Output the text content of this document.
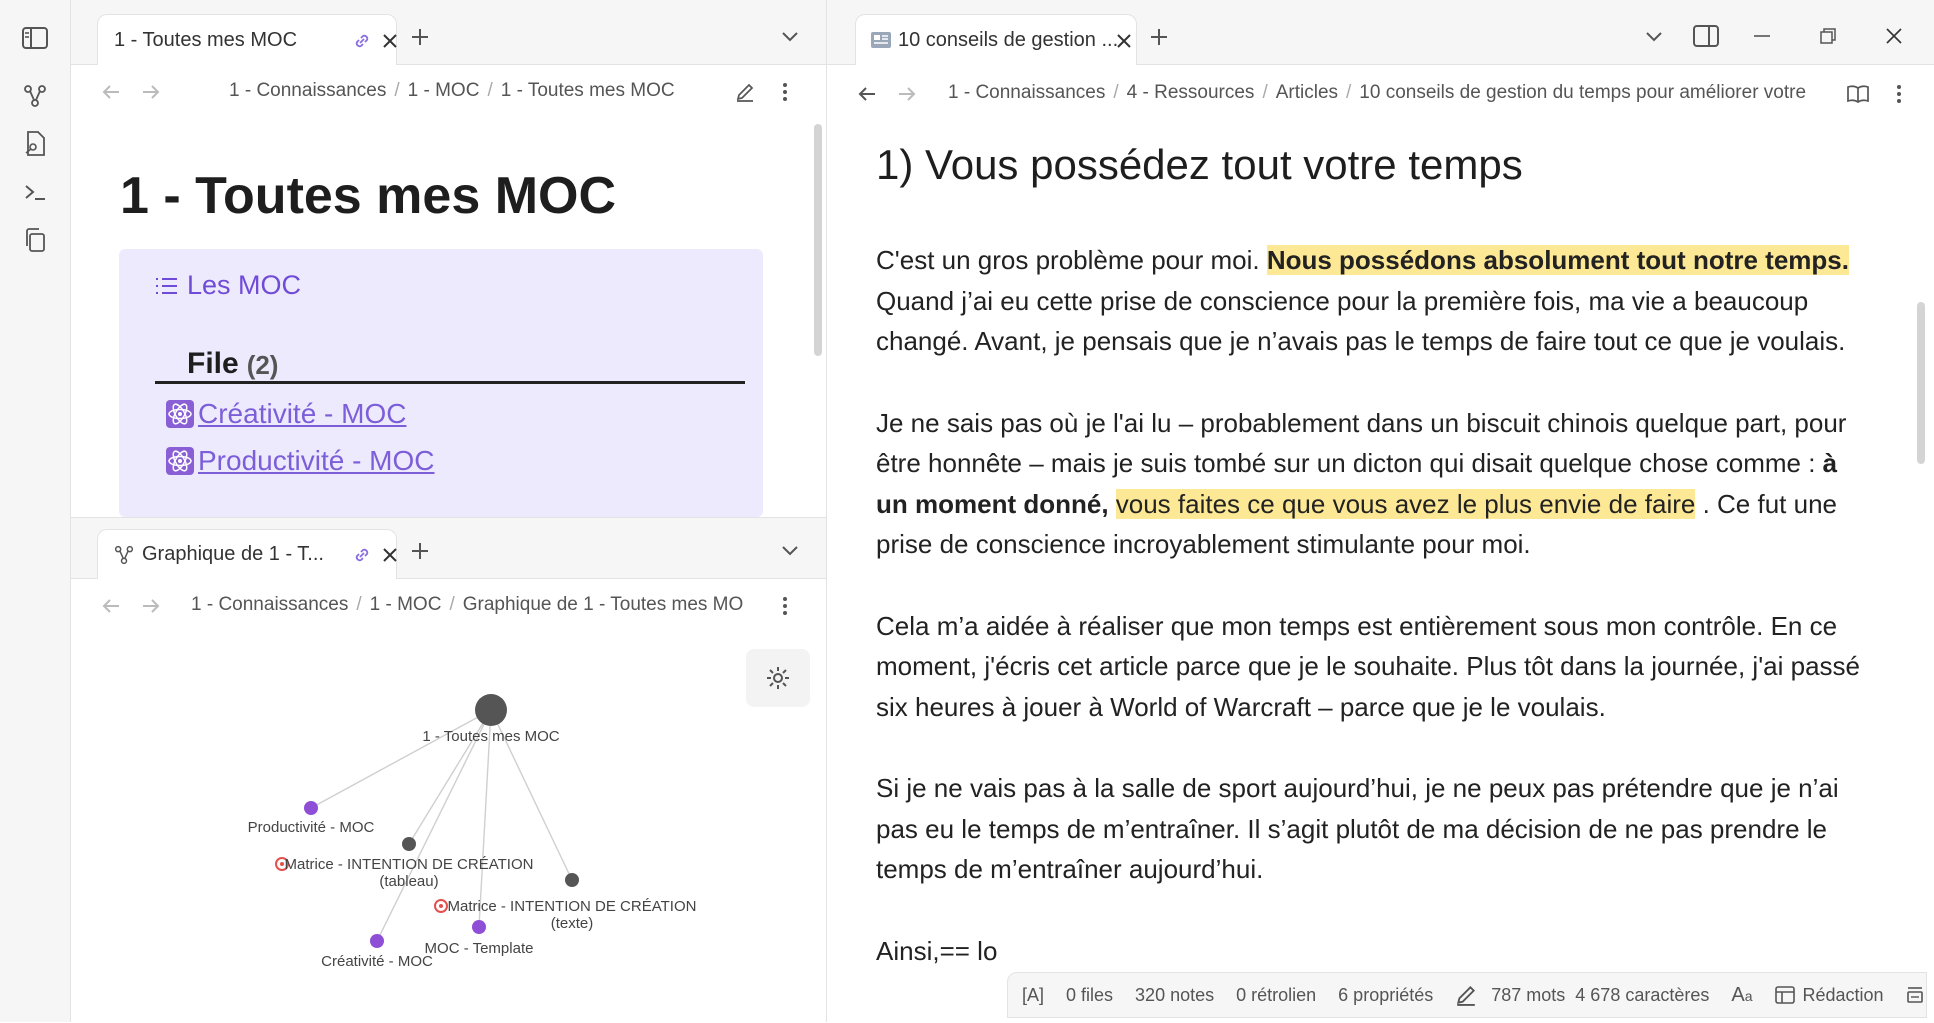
1 - Toutes mes MOC
1 - Connaissances / 1 - MOC / 1 - Toutes mes MOC
1 - Toutes mes MOC
Les MOC
File (2)
Créativité - MOC
Productivité - MOC
Graphique de 1 - T...
1 - Connaissances / 1 - MOC / Graphique de 1 - Toutes mes MO
1 - Toutes mes MOC
Productivité - MOC
Matrice - INTENTION DE CRÉATION
(tableau)
Matrice - INTENTION DE CRÉATION
(texte)
MOC - Template
Créativité - MOC
10 conseils de gestion ...
1 - Connaissances / 4 - Ressources / Articles / 10 conseils de gestion du temps pour améliorer votre
1) Vous possédez tout votre temps

C'est un gros problème pour moi. Nous possédons absolument tout notre temps. Quand j’ai eu cette prise de conscience pour la première fois, ma vie a beaucoup changé. Avant, je pensais que je n’avais pas le temps de faire tout ce que je voulais.

Je ne sais pas où je l'ai lu – probablement dans un biscuit chinois quelque part, pour être honnête – mais je suis tombé sur un dicton qui disait quelque chose comme : à un moment donné, vous faites ce que vous avez le plus envie de faire . Ce fut une prise de conscience incroyablement stimulante pour moi.

Cela m’a aidée à réaliser que mon temps est entièrement sous mon contrôle. En ce moment, j'écris cet article parce que je le souhaite. Plus tôt dans la journée, j'ai passé six heures à jouer à World of Warcraft – parce que je le voulais.

Si je ne vais pas à la salle de sport aujourd’hui, je ne peux pas prétendre que je n’ai pas eu le temps de m’entraîner. Il s’agit plutôt de ma décision de ne pas prendre le temps de m’entraîner aujourd’hui.

Ainsi,== lo

[A] 0 files 320 notes 0 rétrolien 6 propriétés	787 mots 4 678 caractères Aa	Rédaction
